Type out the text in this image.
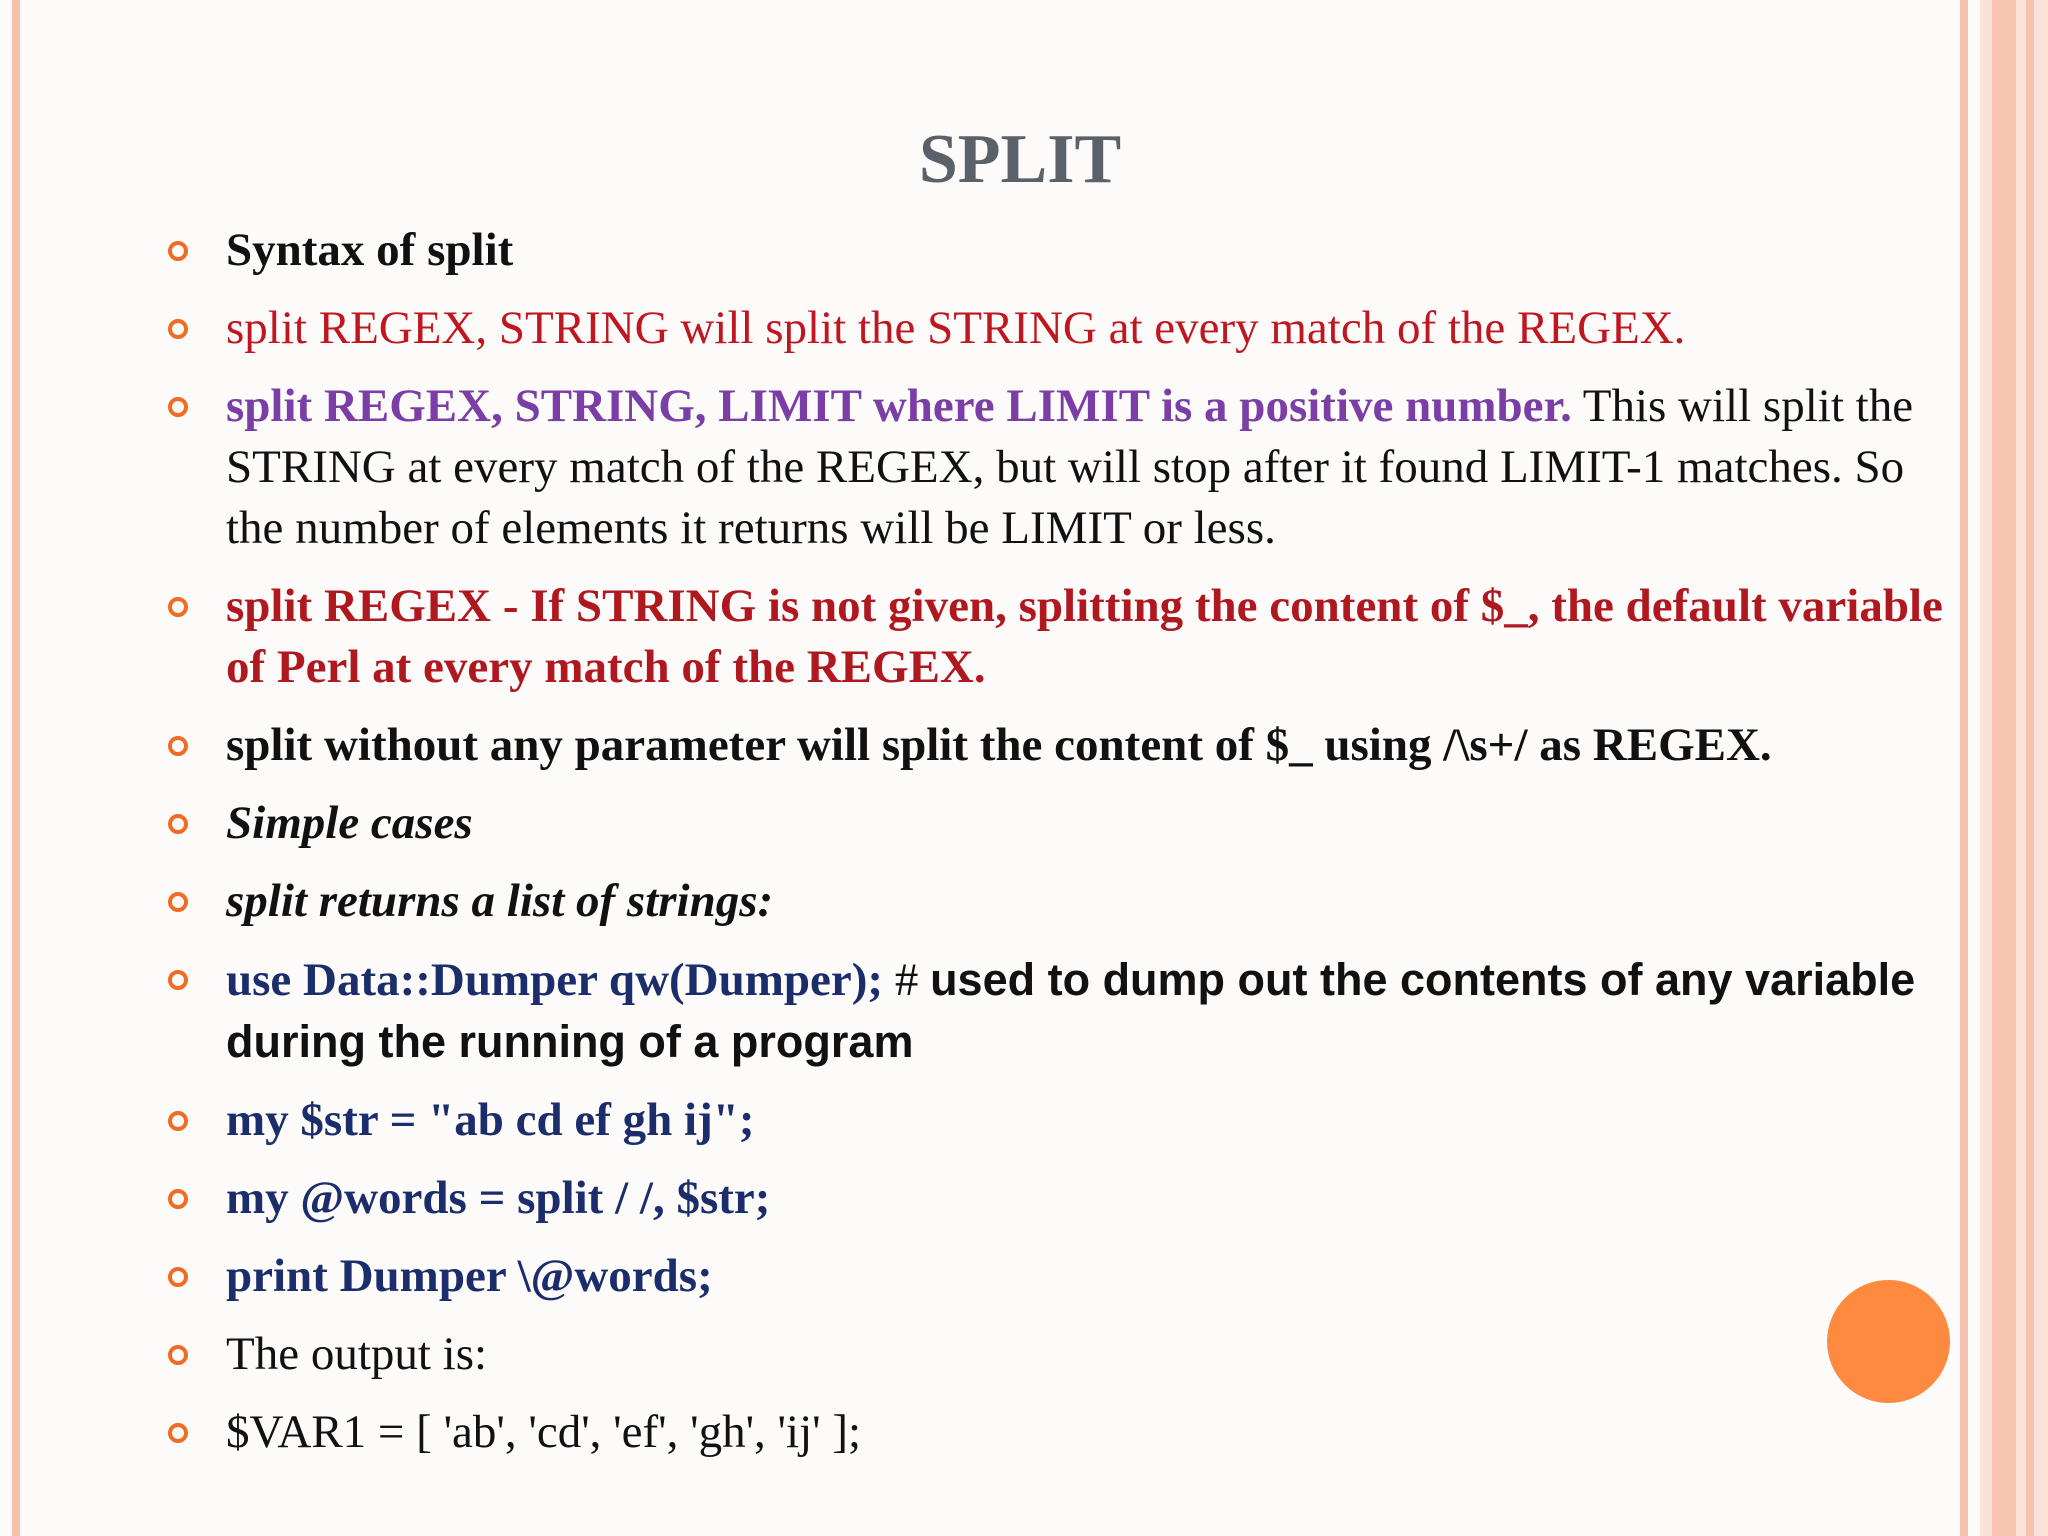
SPLIT
Syntax of split
split REGEX, STRING will split the STRING at every match of the REGEX.
split REGEX, STRING, LIMIT where LIMIT is a positive number. This will split the STRING at every match of the REGEX, but will stop after it found LIMIT-1 matches. So the number of elements it returns will be LIMIT or less.
split REGEX - If STRING is not given, splitting the content of $_, the default variable of Perl at every match of the REGEX.
split without any parameter will split the content of $_ using /\s+/ as REGEX.
Simple cases
split returns a list of strings:
use Data::Dumper qw(Dumper); # used to dump out the contents of any variable during the running of a program
my $str = "ab cd ef gh ij";
my @words = split / /, $str;
print Dumper \@words;
The output is:
$VAR1 = [ 'ab', 'cd', 'ef', 'gh', 'ij' ];
